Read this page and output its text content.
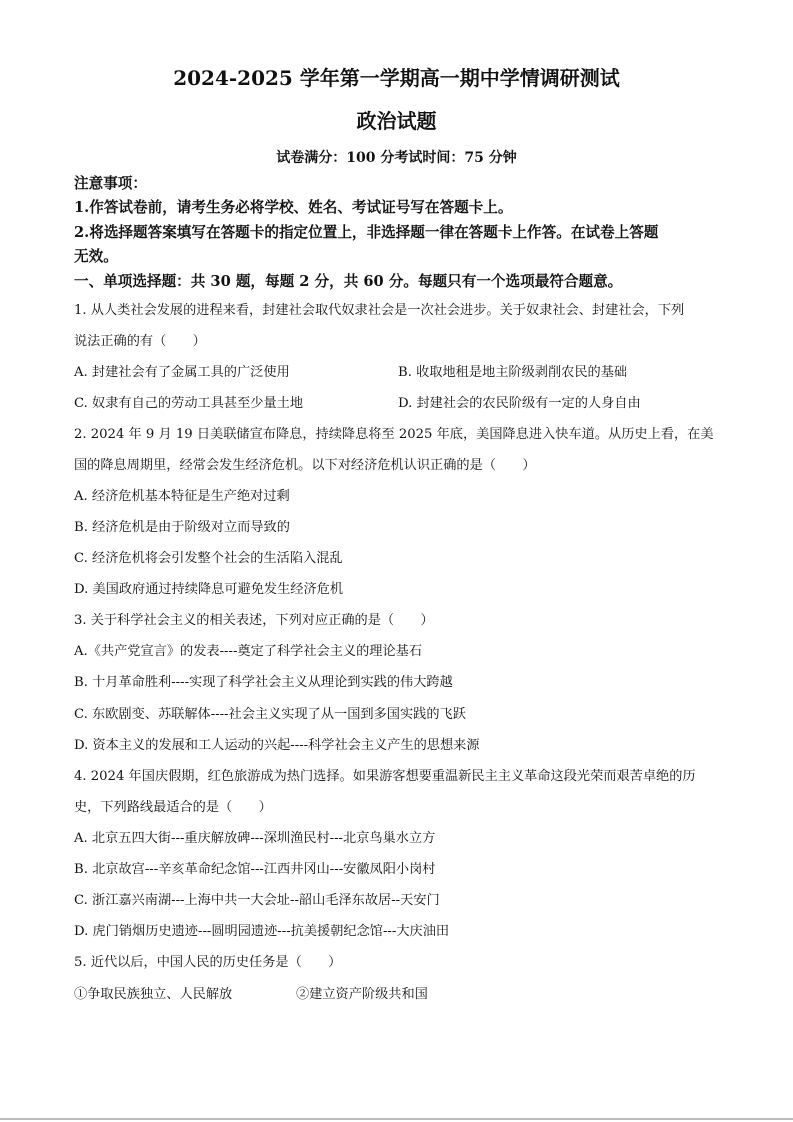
2024-2025 学年第一学期高一期中学情调研测试
政治试题
试卷满分：100 分考试时间：75 分钟
注意事项：
1.作答试卷前，请考生务必将学校、姓名、考试证号写在答题卡上。
2.将选择题答案填写在答题卡的指定位置上，非选择题一律在答题卡上作答。在试卷上答题
无效。
一、单项选择题：共 30 题，每题 2 分，共 60 分。每题只有一个选项最符合题意。
1. 从人类社会发展的进程来看，封建社会取代奴隶社会是一次社会进步。关于奴隶社会、封建社会，下列
说法正确的有（　　）
A. 封建社会有了金属工具的广泛使用	B. 收取地租是地主阶级剥削农民的基础
C. 奴隶有自己的劳动工具甚至少量土地	D. 封建社会的农民阶级有一定的人身自由
2. 2024 年 9 月 19 日美联储宣布降息，持续降息将至 2025 年底，美国降息进入快车道。从历史上看，在美
国的降息周期里，经常会发生经济危机。以下对经济危机认识正确的是（　　）
A. 经济危机基本特征是生产绝对过剩
B. 经济危机是由于阶级对立而导致的
C. 经济危机将会引发整个社会的生活陷入混乱
D. 美国政府通过持续降息可避免发生经济危机
3. 关于科学社会主义的相关表述，下列对应正确的是（　　）
A.《共产党宣言》的发表----奠定了科学社会主义的理论基石
B. 十月革命胜利----实现了科学社会主义从理论到实践的伟大跨越
C. 东欧剧变、苏联解体----社会主义实现了从一国到多国实践的飞跃
D. 资本主义的发展和工人运动的兴起----科学社会主义产生的思想来源
4. 2024 年国庆假期，红色旅游成为热门选择。如果游客想要重温新民主主义革命这段光荣而艰苦卓绝的历
史，下列路线最适合的是（　　）
A. 北京五四大街---重庆解放碑---深圳渔民村---北京鸟巢水立方
B. 北京故宫---辛亥革命纪念馆---江西井冈山---安徽凤阳小岗村
C. 浙江嘉兴南湖---上海中共一大会址--韶山毛泽东故居--天安门
D. 虎门销烟历史遗迹---圆明园遗迹---抗美援朝纪念馆---大庆油田
5. 近代以后，中国人民的历史任务是（　　）
①争取民族独立、人民解放	②建立资产阶级共和国
